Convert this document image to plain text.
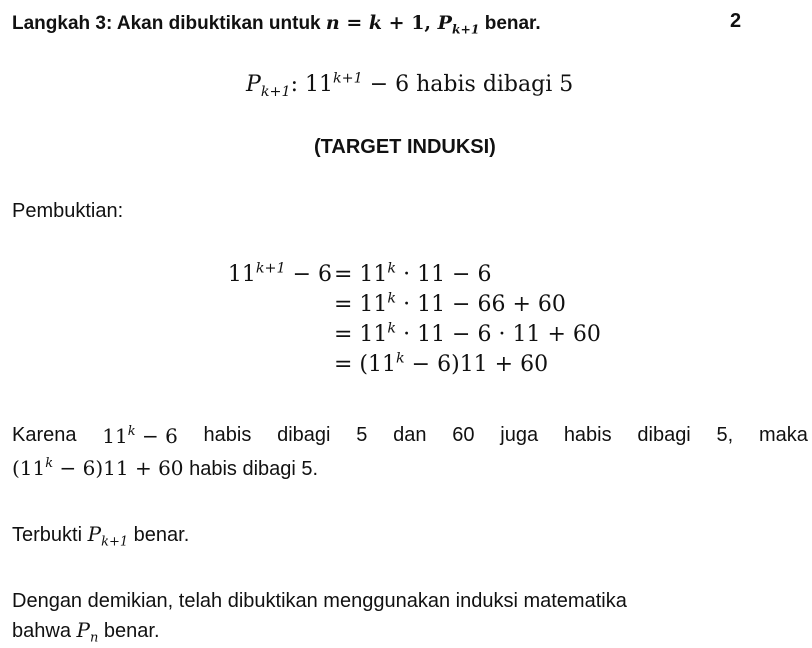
Langkah 3: Akan dibuktikan untuk n = k + 1, $P_{k+1}$ benar.	2
$P_{k+1}$: $11^{k+1} - 6$ habis dibagi 5
(TARGET INDUKSI)
Pembuktian:
$11^{k+1} - 6 = 11^k \cdot 11 - 6$
= $11^k \cdot 11 - 66 + 60$
= $11^k \cdot 11 - 6 \cdot 11 + 60$
= $(11^k - 6)11 + 60$
Karena $11^k - 6$ habis dibagi 5 dan 60 juga habis dibagi 5, maka
$(11^k - 6)11 + 60$ habis dibagi 5.
Terbukti $P_{k+1}$ benar.
Dengan demikian, telah dibuktikan menggunakan induksi matematika
bahwa $P_n$ benar.
